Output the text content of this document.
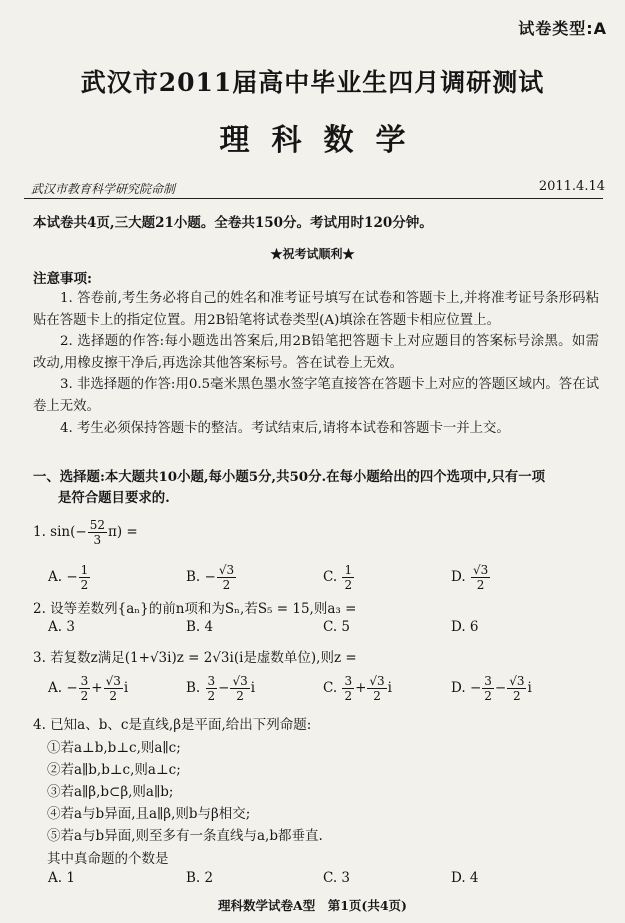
试卷类型:A
武汉市2011届高中毕业生四月调研测试
理科数学
武汉市教育科学研究院命制	2011.4.14
本试卷共4页,三大题21小题。全卷共150分。考试用时120分钟。
★祝考试顺利★
注意事项:
1. 答卷前,考生务必将自己的姓名和准考证号填写在试卷和答题卡上,并将准考证号条形码粘贴在答题卡上的指定位置。用2B铅笔将试卷类型(A)填涂在答题卡相应位置上。
2. 选择题的作答:每小题选出答案后,用2B铅笔把答题卡上对应题目的答案标号涂黑。如需改动,用橡皮擦干净后,再选涂其他答案标号。答在试卷上无效。
3. 非选择题的作答:用0.5毫米黑色墨水签字笔直接答在答题卡上对应的答题区域内。答在试卷上无效。
4. 考生必须保持答题卡的整洁。考试结束后,请将本试卷和答题卡一并上交。
一、选择题:本大题共10小题,每小题5分,共50分.在每小题给出的四个选项中,只有一项
是符合题目要求的.
1. $\sin(- \frac{52}{3} \pi)$ =
A. − $\frac{1}{2}$	B. − $\frac{√3}{2}$	C. $\frac{1}{2}$	D. $\frac{√3}{2}$
2. 设等差数列{aₙ}的前n项和为Sₙ,若S₅ = 15,则a₃ =
A. 3	B. 4	C. 5	D. 6
3. 若复数z满足(1+√3i)z = 2√3i(i是虚数单位),则z =
A. − $\frac{3}{2} + \frac{√3}{2}$ i	B. $\frac{3}{2} - \frac{√3}{2}$ i	C. $\frac{3}{2} + \frac{√3}{2}$ i	D. − $\frac{3}{2} - \frac{√3}{2}$ i
4. 已知a、b、c是直线,β是平面,给出下列命题:
①若a⊥b,b⊥c,则a∥c;
②若a∥b,b⊥c,则a⊥c;
③若a∥β,b⊂β,则a∥b;
④若a与b异面,且a∥β,则b与β相交;
⑤若a与b异面,则至多有一条直线与a,b都垂直.
其中真命题的个数是
A. 1	B. 2	C. 3	D. 4
理科数学试卷A型　第1页(共4页)
